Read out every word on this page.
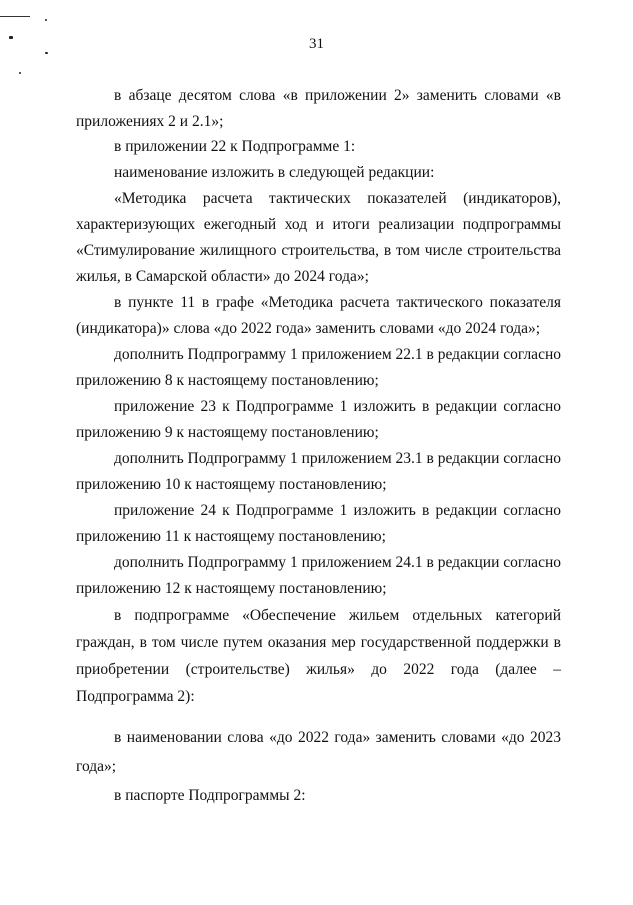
31

в абзаце десятом слова «в приложении 2» заменить словами «в приложениях 2 и 2.1»;

в приложении 22 к Подпрограмме 1:

наименование изложить в следующей редакции:

«Методика расчета тактических показателей (индикаторов), характеризующих ежегодный ход и итоги реализации подпрограммы «Стимулирование жилищного строительства, в том числе строительства жилья, в Самарской области» до 2024 года»;

в пункте 11 в графе «Методика расчета тактического показателя (индикатора)» слова «до 2022 года» заменить словами «до 2024 года»;

дополнить Подпрограмму 1 приложением 22.1 в редакции согласно приложению 8 к настоящему постановлению;

приложение 23 к Подпрограмме 1 изложить в редакции согласно приложению 9 к настоящему постановлению;

дополнить Подпрограмму 1 приложением 23.1 в редакции согласно приложению 10 к настоящему постановлению;

приложение 24 к Подпрограмме 1 изложить в редакции согласно приложению 11 к настоящему постановлению;

дополнить Подпрограмму 1 приложением 24.1 в редакции согласно приложению 12 к настоящему постановлению;

в подпрограмме «Обеспечение жильем отдельных категорий граждан, в том числе путем оказания мер государственной поддержки в приобретении (строительстве) жилья» до 2022 года (далее – Подпрограмма 2):

в наименовании слова «до 2022 года» заменить словами «до 2023 года»;

в паспорте Подпрограммы 2:
